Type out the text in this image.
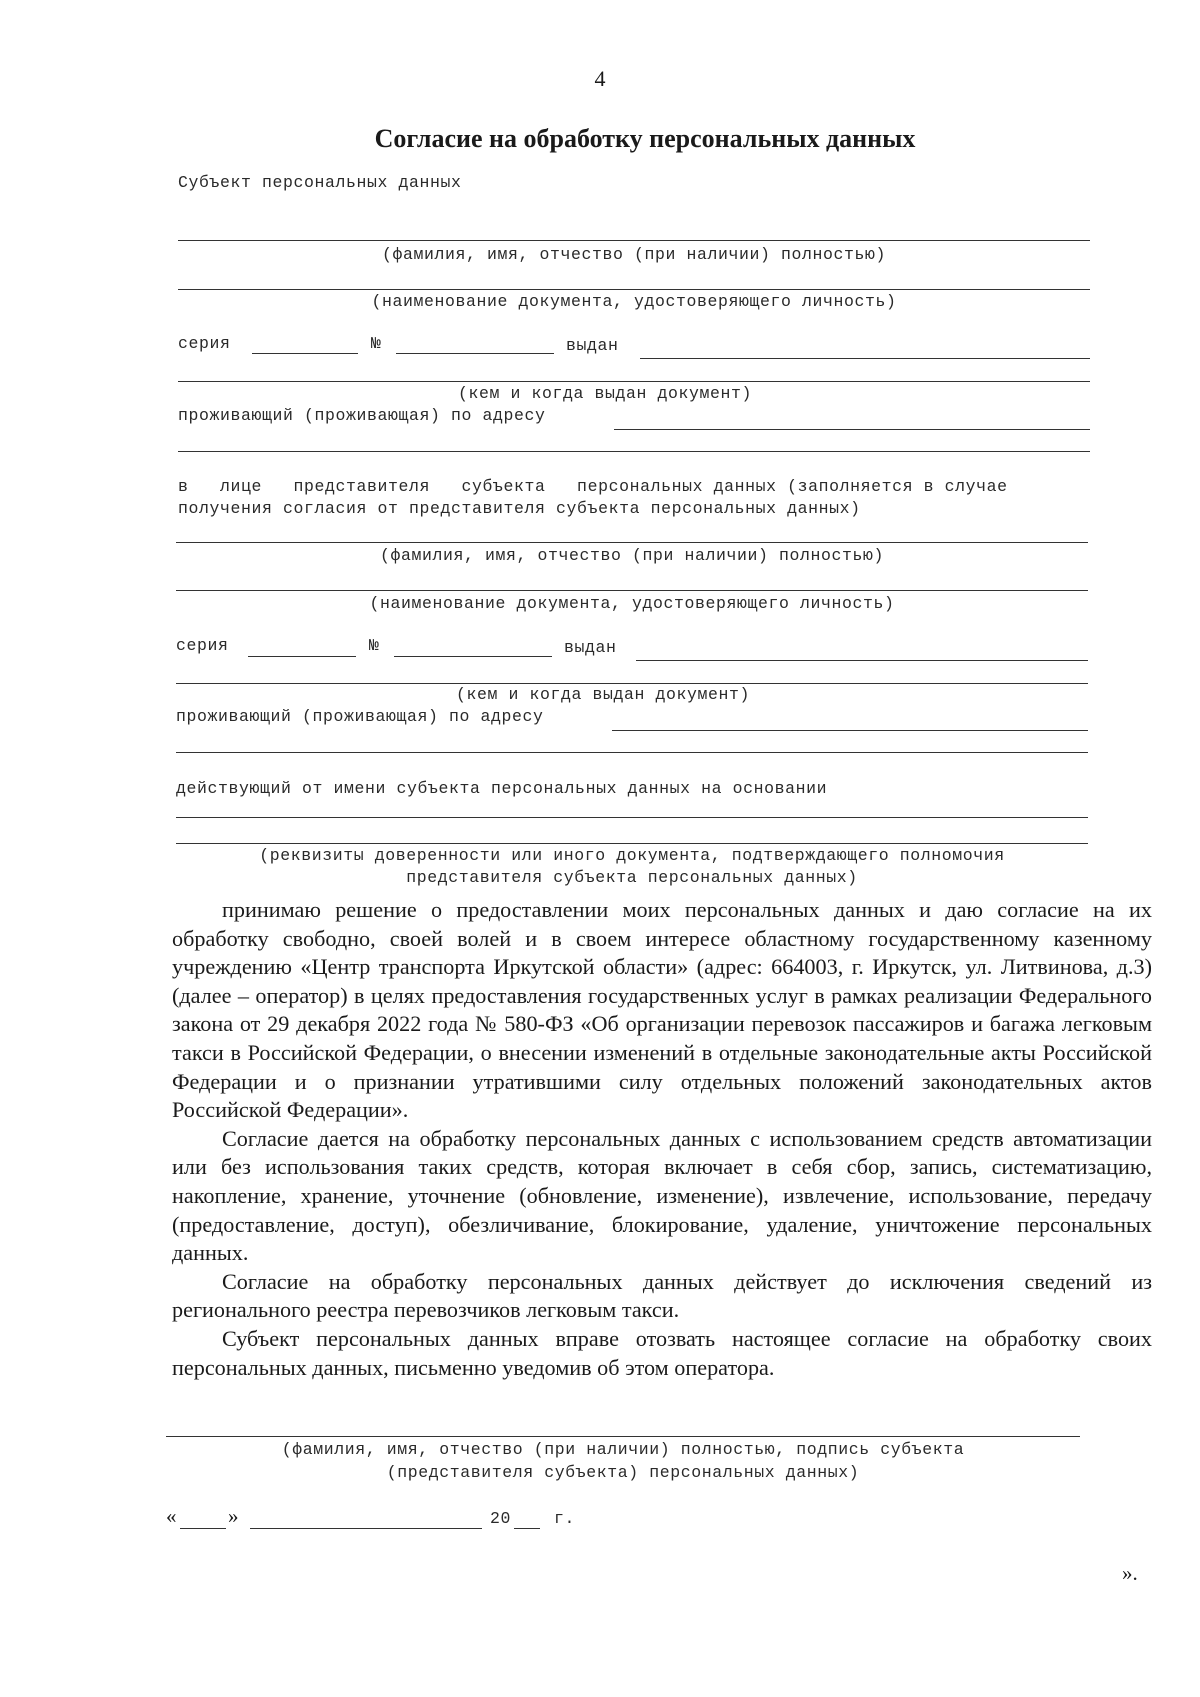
4
Согласие на обработку персональных данных
Субъект персональных данных
(фамилия, имя, отчество (при наличии) полностью)
(наименование документа, удостоверяющего личность)
серия	№	выдан
(кем и когда выдан документ)
проживающий (проживающая) по адресу
в   лице   представителя   субъекта   персональных данных (заполняется в случае
получения согласия от представителя субъекта персональных данных)
(фамилия, имя, отчество (при наличии) полностью)
(наименование документа, удостоверяющего личность)
серия	№	выдан
(кем и когда выдан документ)
проживающий (проживающая) по адресу
действующий от имени субъекта персональных данных на основании
(реквизиты доверенности или иного документа, подтверждающего полномочия
представителя субъекта персональных данных)

принимаю решение о предоставлении моих персональных данных и даю согласие на их обработку свободно, своей волей и в своем интересе областному государственному казенному учреждению «Центр транспорта Иркутской области» (адрес: 664003, г. Иркутск, ул. Литвинова, д.3) (далее – оператор) в целях предоставления государственных услуг в рамках реализации Федерального закона от 29 декабря 2022 года № 580-ФЗ «Об организации перевозок пассажиров и багажа легковым такси в Российской Федерации, о внесении изменений в отдельные законодательные акты Российской Федерации и о признании утратившими силу отдельных положений законодательных актов Российской Федерации».

Согласие дается на обработку персональных данных с использованием средств автоматизации или без использования таких средств, которая включает в себя сбор, запись, систематизацию, накопление, хранение, уточнение (обновление, изменение), извлечение, использование, передачу (предоставление, доступ), обезличивание, блокирование, удаление, уничтожение персональных данных.

Согласие на обработку персональных данных действует до исключения сведений из регионального реестра перевозчиков легковым такси.

Субъект персональных данных вправе отозвать настоящее согласие на обработку своих персональных данных, письменно уведомив об этом оператора.

(фамилия, имя, отчество (при наличии) полностью, подпись субъекта
(представителя субъекта) персональных данных)
« »	20	г.
».
